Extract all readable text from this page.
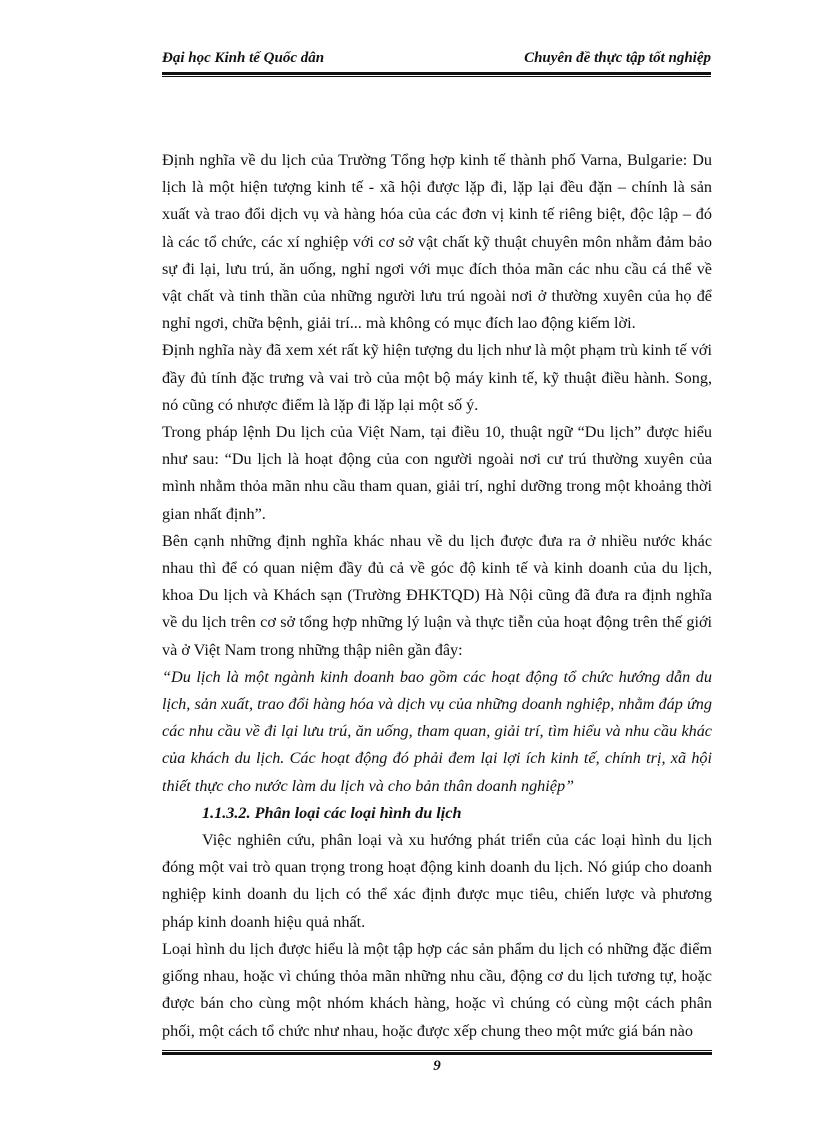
Đại học Kinh tế Quốc dân	Chuyên đề thực tập tốt nghiệp

Định nghĩa về du lịch của Trường Tổng hợp kinh tế thành phố Varna, Bulgarie: Du lịch là một hiện tượng kinh tế - xã hội được lặp đi, lặp lại đều đặn – chính là sản xuất và trao đổi dịch vụ và hàng hóa của các đơn vị kinh tế riêng biệt, độc lập – đó là các tổ chức, các xí nghiệp với cơ sở vật chất kỹ thuật chuyên môn nhằm đảm bảo sự đi lại, lưu trú, ăn uống, nghỉ ngơi với mục đích thỏa mãn các nhu cầu cá thể về vật chất và tinh thần của những người lưu trú ngoài nơi ở thường xuyên của họ để nghỉ ngơi, chữa bệnh, giải trí... mà không có mục đích lao động kiếm lời.

Định nghĩa này đã xem xét rất kỹ hiện tượng du lịch như là một phạm trù kinh tế với đầy đủ tính đặc trưng và vai trò của một bộ máy kinh tế, kỹ thuật điều hành. Song, nó cũng có nhược điểm là lặp đi lặp lại một số ý.

Trong pháp lệnh Du lịch của Việt Nam, tại điều 10, thuật ngữ “Du lịch” được hiểu như sau: “Du lịch là hoạt động của con người ngoài nơi cư trú thường xuyên của mình nhằm thỏa mãn nhu cầu tham quan, giải trí, nghỉ dưỡng trong một khoảng thời gian nhất định”.

Bên cạnh những định nghĩa khác nhau về du lịch được đưa ra ở nhiều nước khác nhau thì để có quan niệm đầy đủ cả về góc độ kinh tế và kinh doanh của du lịch, khoa Du lịch và Khách sạn (Trường ĐHKTQD) Hà Nội cũng đã đưa ra định nghĩa về du lịch trên cơ sở tổng hợp những lý luận và thực tiễn của hoạt động trên thế giới và ở Việt Nam trong những thập niên gần đây:

“Du lịch là một ngành kinh doanh bao gồm các hoạt động tổ chức hướng dẫn du lịch, sản xuất, trao đổi hàng hóa và dịch vụ của những doanh nghiệp, nhằm đáp ứng các nhu cầu về đi lại lưu trú, ăn uống, tham quan, giải trí, tìm hiểu và nhu cầu khác của khách du lịch. Các hoạt động đó phải đem lại lợi ích kinh tế, chính trị, xã hội thiết thực cho nước làm du lịch và cho bản thân doanh nghiệp”

1.1.3.2. Phân loại các loại hình du lịch

Việc nghiên cứu, phân loại và xu hướng phát triển của các loại hình du lịch đóng một vai trò quan trọng trong hoạt động kinh doanh du lịch. Nó giúp cho doanh nghiệp kinh doanh du lịch có thể xác định được mục tiêu, chiến lược và phương pháp kinh doanh hiệu quả nhất.

Loại hình du lịch được hiểu là một tập hợp các sản phẩm du lịch có những đặc điểm giống nhau, hoặc vì chúng thỏa mãn những nhu cầu, động cơ du lịch tương tự, hoặc được bán cho cùng một nhóm khách hàng, hoặc vì chúng có cùng một cách phân phối, một cách tổ chức như nhau, hoặc được xếp chung theo một mức giá bán nào

9
